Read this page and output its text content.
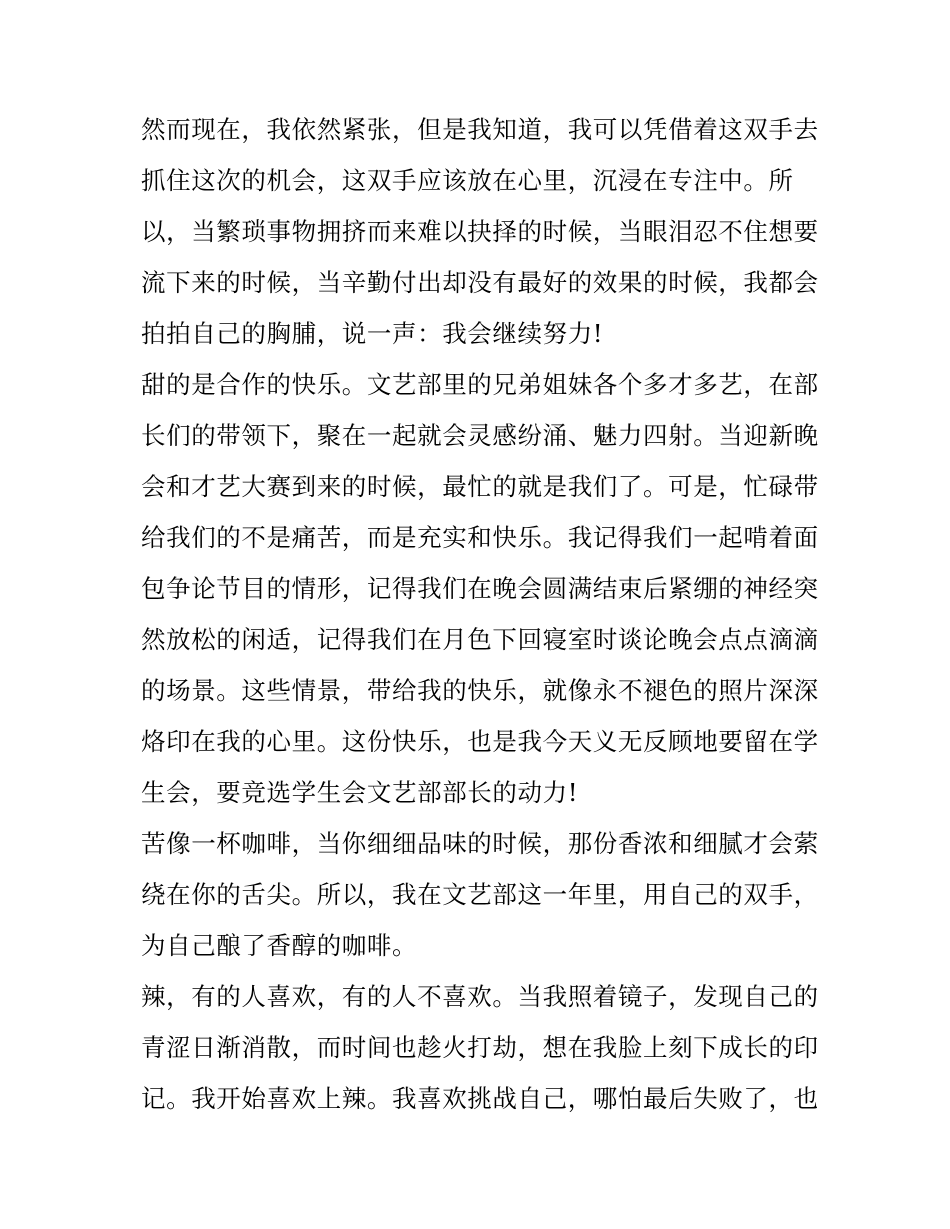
然而现在，我依然紧张，但是我知道，我可以凭借着这双手去
抓住这次的机会，这双手应该放在心里，沉浸在专注中。所
以，当繁琐事物拥挤而来难以抉择的时候，当眼泪忍不住想要
流下来的时候，当辛勤付出却没有最好的效果的时候，我都会
拍拍自己的胸脯，说一声：我会继续努力!
甜的是合作的快乐。文艺部里的兄弟姐妹各个多才多艺，在部
长们的带领下，聚在一起就会灵感纷涌、魅力四射。当迎新晚
会和才艺大赛到来的时候，最忙的就是我们了。可是，忙碌带
给我们的不是痛苦，而是充实和快乐。我记得我们一起啃着面
包争论节目的情形，记得我们在晚会圆满结束后紧绷的神经突
然放松的闲适，记得我们在月色下回寝室时谈论晚会点点滴滴
的场景。这些情景，带给我的快乐，就像永不褪色的照片深深
烙印在我的心里。这份快乐，也是我今天义无反顾地要留在学
生会，要竞选学生会文艺部部长的动力!
苦像一杯咖啡，当你细细品味的时候，那份香浓和细腻才会萦
绕在你的舌尖。所以，我在文艺部这一年里，用自己的双手，
为自己酿了香醇的咖啡。
辣，有的人喜欢，有的人不喜欢。当我照着镜子，发现自己的
青涩日渐消散，而时间也趁火打劫，想在我脸上刻下成长的印
记。我开始喜欢上辣。我喜欢挑战自己，哪怕最后失败了，也
